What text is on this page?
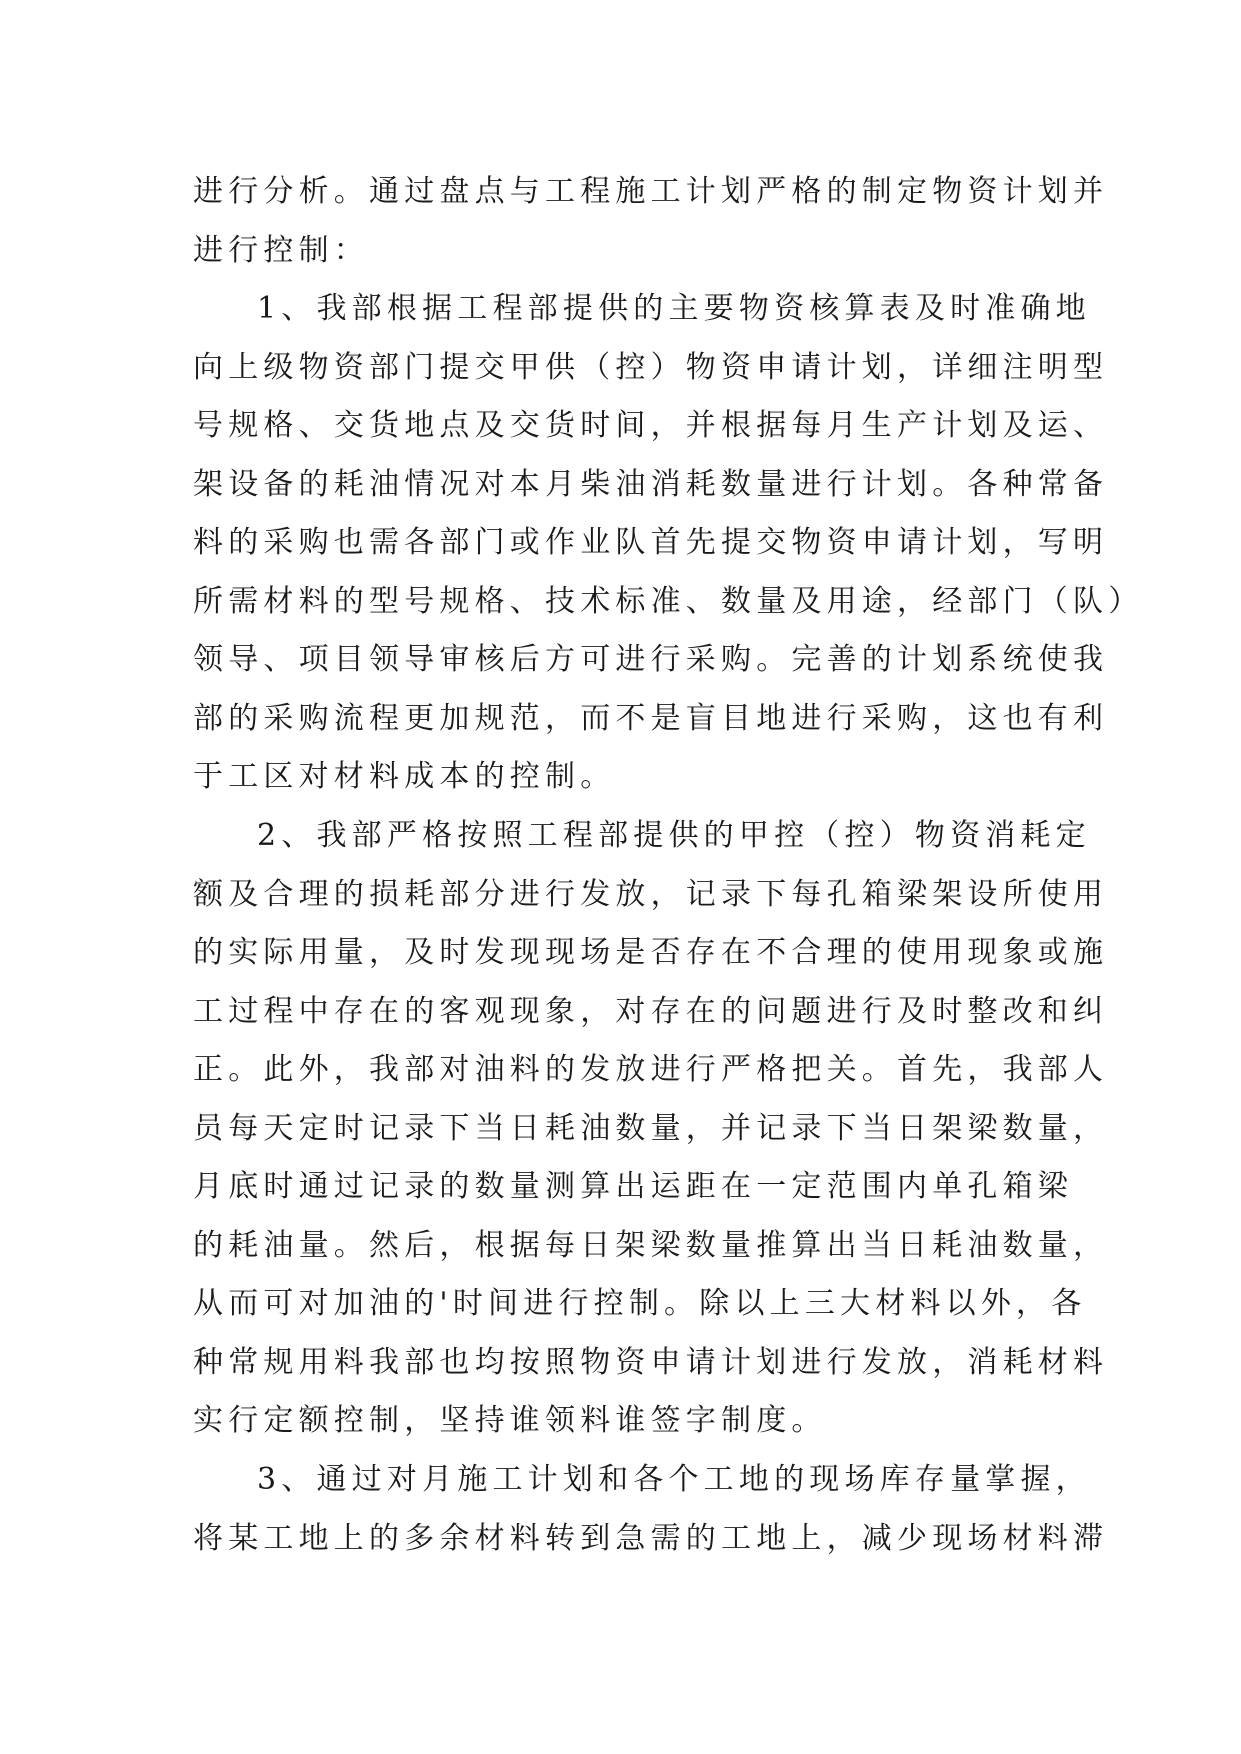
进行分析。通过盘点与工程施工计划严格的制定物资计划并
进行控制：
1、我部根据工程部提供的主要物资核算表及时准确地
向上级物资部门提交甲供（控）物资申请计划，详细注明型
号规格、交货地点及交货时间，并根据每月生产计划及运、
架设备的耗油情况对本月柴油消耗数量进行计划。各种常备
料的采购也需各部门或作业队首先提交物资申请计划，写明
所需材料的型号规格、技术标准、数量及用途，经部门（队）
领导、项目领导审核后方可进行采购。完善的计划系统使我
部的采购流程更加规范，而不是盲目地进行采购，这也有利
于工区对材料成本的控制。
2、我部严格按照工程部提供的甲控（控）物资消耗定
额及合理的损耗部分进行发放，记录下每孔箱梁架设所使用
的实际用量，及时发现现场是否存在不合理的使用现象或施
工过程中存在的客观现象，对存在的问题进行及时整改和纠
正。此外，我部对油料的发放进行严格把关。首先，我部人
员每天定时记录下当日耗油数量，并记录下当日架梁数量，
月底时通过记录的数量测算出运距在一定范围内单孔箱梁
的耗油量。然后，根据每日架梁数量推算出当日耗油数量，
从而可对加油的'时间进行控制。除以上三大材料以外，各
种常规用料我部也均按照物资申请计划进行发放，消耗材料
实行定额控制，坚持谁领料谁签字制度。
3、通过对月施工计划和各个工地的现场库存量掌握，
将某工地上的多余材料转到急需的工地上，减少现场材料滞
